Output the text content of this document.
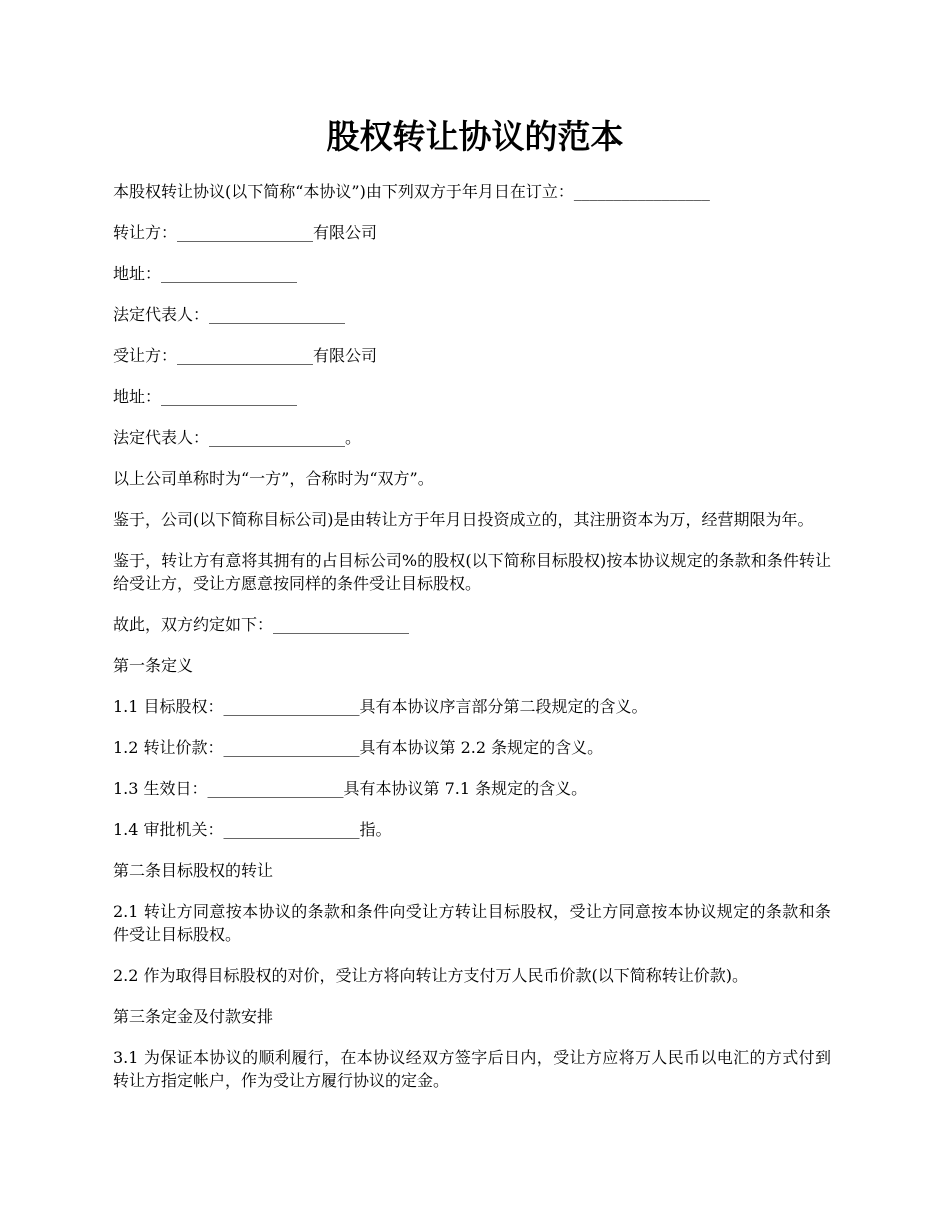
股权转让协议的范本

本股权转让协议(以下简称“本协议”)由下列双方于年月日在订立：_________________

转让方：_________________有限公司

地址：_________________

法定代表人：_________________

受让方：_________________有限公司

地址：_________________

法定代表人：_________________。

以上公司单称时为“一方”，合称时为“双方”。

鉴于，公司(以下简称目标公司)是由转让方于年月日投资成立的，其注册资本为万，经营期限为年。

鉴于，转让方有意将其拥有的占目标公司%的股权(以下简称目标股权)按本协议规定的条款和条件转让给受让方，受让方愿意按同样的条件受让目标股权。

故此，双方约定如下：_________________

第一条定义

1.1 目标股权：_________________具有本协议序言部分第二段规定的含义。

1.2 转让价款：_________________具有本协议第 2.2 条规定的含义。

1.3 生效日：_________________具有本协议第 7.1 条规定的含义。

1.4 审批机关：_________________指。

第二条目标股权的转让

2.1 转让方同意按本协议的条款和条件向受让方转让目标股权，受让方同意按本协议规定的条款和条件受让目标股权。

2.2 作为取得目标股权的对价，受让方将向转让方支付万人民币价款(以下简称转让价款)。

第三条定金及付款安排

3.1 为保证本协议的顺利履行，在本协议经双方签字后日内，受让方应将万人民币以电汇的方式付到转让方指定帐户，作为受让方履行协议的定金。
